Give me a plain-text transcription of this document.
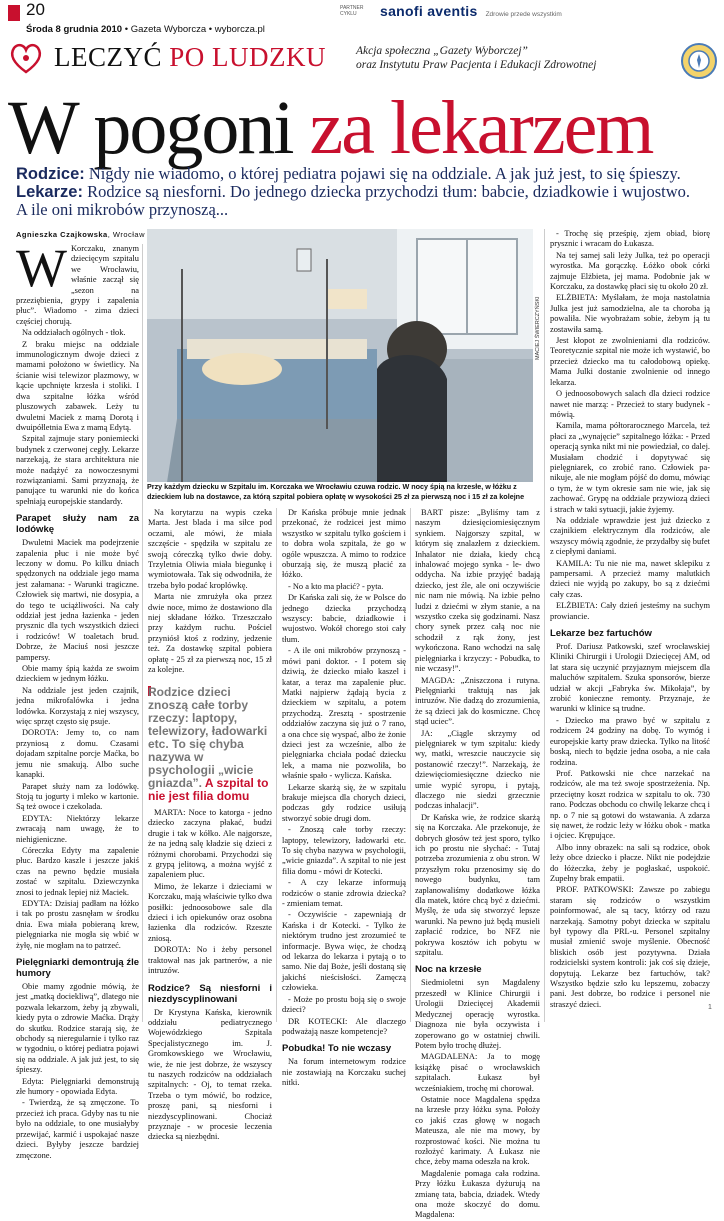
20
Środa 8 grudnia 2010 • Gazeta Wyborcza • wyborcza.pl
PARTNER CYKLU	sanofi aventis Zdrowie przede wszystkim
LECZYĆ PO LUDZKU	Akcja społeczna „Gazety Wyborczej”
oraz Instytutu Praw Pacjenta i Edukacji Zdrowotnej
W pogoni za lekarzem
Rodzice: Nigdy nie wiadomo, o której pediatra pojawi się na oddziale. A jak już jest, to się śpieszy.
Lekarze: Rodzice są niesforni. Do jednego dziecka przychodzi tłum: babcie, dziadkowie i wujostwo.
A ile oni mikrobów przynoszą...
Agnieszka Czajkowska, Wrocław
W Korczaku, znanym dziecięcym szpitalu we Wrocławiu, właśnie zaczął się „sezon na przeziębienia, grypy i zapalenia płuc”. Wiadomo - zima dzieci częściej chorują.

Na oddziałach ogólnych - tłok.

Z braku miejsc na oddziale immunologicznym dwoje dzieci z mamami położono w świetlicy. Na ścianie wisi telewizor plazmowy, w kącie upchnięte krzesła i stoliki. I dwa szpitalne łóżka wśród pluszowych zabawek. Leży tu dwuletni Maciek z mamą Dorotą i dwuipółletnia Ewa z mamą Edytą.

Szpital zajmuje stary poniemiecki budynek z czerwonej cegły. Lekarze narzekają, że stara architektura nie może nadążyć za nowoczesnymi rozwiązaniami. Sami przyznają, że panujące tu warunki nie do końca spełniają europejskie standardy.

Parapet służy nam za lodówkę

Dwuletni Maciek ma podejrzenie zapalenia płuc i nie może być leczony w domu. Po kilku dniach spędzonych na oddziale jego mama jest załamana: - Warunki tragiczne. Człowiek się martwi, nie dosypia, a do tego te uciążliwości. Na cały oddział jest jedna łazienka - jeden prysznic dla tych wszystkich dzieci i rodziców! W toaletach brud. Dobrze, że Maciuś nosi jeszcze pampersy.

Obie mamy śpią każda ze swoim dzieckiem w jednym łóżku.

Na oddziale jest jeden czajnik, jedna mikrofalówka i jedna lodówka. Korzystają z niej wszyscy, więc sprzęt często się psuje.

DOROTA: Jemy to, co nam przyniosą z domu. Czasami dojadam szpitalne porcje Maćka, bo jemu nie smakują. Albo suche kanapki.

Parapet służy nam za lodówkę. Stoją tu jogurty i mleko w kartonie. Są też owoce i czekolada.

EDYTA: Niektórzy lekarze zwracają nam uwagę, że to niehigieniczne.

Córeczka Edyty ma zapalenie płuc. Bardzo kaszle i jeszcze jakiś czas na pewno będzie musiała zostać w szpitalu. Dziewczynka znosi to jednak lepiej niż Maciek.

EDYTA: Dzisiaj padłam na łóżko i tak po prostu zasnęłam w środku dnia. Ewa miała pobieraną krew, pielęgniarka nie mogła się wbić w żyłę, nie mogłam na to patrzeć.

Pielęgniarki demontrują źle humory

Obie mamy zgodnie mówią, że jest „matką dociekliwą”, dlatego nie pozwala lekarzom, żeby ją zbywali, kiedy pyta o zdrowie Maćka. Drąży do skutku. Rodzice starają się, że obchody są nieregularnie i tylko raz w tygodniu, o której pediatra pojawi się na oddziale. A jak już jest, to się śpieszy.

Edyta: Pielęgniarki demonstrują złe humory - opowiada Edyta.

- Twierdzą, że są zmęczone. To przecież ich praca. Gdyby nas tu nie było na oddziale, to one musiałyby przewijać, karmić i uspokajać nasze dzieci. Byłyby jeszcze bardziej zmęczone.

MACIEJ ŚWIERCZYŃSKI
Przy każdym dziecku w Szpitalu im. Korczaka we Wrocławiu czuwa rodzic. W nocy śpią na krzesłe, w łóżku z dzieckiem lub na dostawce, za którą szpital pobiera opłatę w wysokości 25 zł za pierwszą noc i 15 zł za kolejne

Na korytarzu na wypis czeka Marta. Jest blada i ma siłce pod oczami, ale mówi, że miała szczęście - spędziła w szpitalu ze swoją córeczką tylko dwie doby. Trzyletnia Oliwia miała biegunkę i wymiotowała. Tak się odwodniła, że trzeba było podać kroplówkę.

Marta nie zmrużyła oka przez dwie noce, mimo że dostawiono dla niej składane łóżko. Trzeszczało przy każdym ruchu. Pościel przyniósł ktoś z rodziny, jedzenie też. Za dostawkę szpital pobiera opłatę - 25 zł za pierwszą noc, 15 zł za kolejne.

Rodzice dzieci znoszą całe torby rzeczy: laptopy, telewizory, ładowarki etc. To się chyba nazywa w psychologii „wicie gniazda”. A szpital to nie jest filia domu

MARTA: Noce to katorga - jedno dziecko zaczyna płakać, budzi drugie i tak w kółko. Ale najgorsze, że na jedną salę kładzie się dzieci z różnymi chorobami. Przychodzi się z grypą jelitową, a można wyjść z zapaleniem płuc.

Mimo, że lekarze i dzieciami w Korczaku, mają właściwie tylko dwa posiłki: jednoosobowe sale dla dzieci i ich opiekunów oraz osobna łazienka dla rodziców. Rzeszte zniosą.

DOROTA: No i żeby personel traktował nas jak partnerów, a nie intruzów.

Rodzice? Są niesforni i niezdyscyplinowani

Dr Krystyna Kańska, kierownik oddziału pediatrycznego Wojewódzkiego Szpitala Specjalistycznego im. J. Gromkowskiego we Wrocławiu, wie, że nie jest dobrze, że wszyscy tu naszych rodziców na oddziałach szpitalnych: - Oj, to temat rzeka. Trzeba o tym mówić, bo rodzice, proszę pani, są niesforni i niezdyscyplinowani. Chociaż przyznaje - w procesie leczenia dziecka są niezbędni.

Dr Kańska próbuje mnie jednak przekonać, że rodzicei jest mimo wszystko w szpitalu tylko gościem i to dobra wola szpitala, że go w ogóle wpuszcza. A mimo to rodzice oburzają się, że muszą płacić za łóżko.

- No a kto ma płacić? - pyta.

Dr Kańska zali się, że w Polsce do jednego dziecka przychodzą wszyscy: babcie, dziadkowie i wujostwo. Wokół chorego stoi cały tłum.

- A ile oni mikrobów przynoszą - mówi pani doktor. - I potem się dziwią, że dziecko miało kaszel i katar, a teraz ma zapalenie płuc. Matki najpierw żądają bycia z dzieckiem w szpitalu, a potem przychodzą. Zresztą - spostrzenie oddziałów zaczyna się już o 7 rano, a ona chce się wyspać, albo że żonie dzieci jest za wcześnie, albo że pielęgniarka chciała podać dziecku lek, a mama nie pozwoliła, bo właśnie spało - wylicza. Kańska.

Lekarze skarżą się, że w szpitalu brakuje miejsca dla chorych dzieci, podczas gdy rodzice usiłują stworzyć sobie drugi dom.

- Znoszą całe torby rzeczy: laptopy, telewizory, ładowarki etc. To się chyba nazywa w psychologii, „wicie gniazda”. A szpital to nie jest filia domu - mówi dr Kotecki.

- A czy lekarze informują rodziców o stanie zdrowia dziecka? - zmieniam temat.

- Oczywiście - zapewniają dr Kańska i dr Kotecki. - Tylko że niektórym trudno jest zrozumieć te informacje. Bywa więc, że chodzą od lekarza do lekarza i pytają o to samo. Nie daj Boże, jeśli dostaną się jakichś nieścisłości. Zamęczą człowieka.

- Może po prostu boją się o swoje dzieci?

DR KOTECKI: Ale dlaczego podważają nasze kompetencje?

Pobudka! To nie wczasy

Na forum internetowym rodzice nie zostawiają na Korczaku suchej nitki.

BART pisze: „Byliśmy tam z naszym dziesięciomiesięcznym synkiem. Najgorszy szpital, w którym się znalazłem z dzieckiem. Inhalator nie działa, kiedy chcą inhalować mojego synka - le- dwo oddycha. Na izbie przyjęć badają dziecko, jest źle, ale oni oczywiście nic nam nie mówią. Na izbie pełno ludzi z dziećmi w złym stanie, a na wszystko czeka się godzinami. Nasz chory synek przez całą noc nie schodził z rąk żony, jest wykończona. Rano wchodzi na salę pielęgniarka i krzyczy: - Pobudka, to nie wczasy!”.

MAGDA: „Zniszczona i rutyna. Pielęgniarki traktują nas jak intruzów. Nie dadzą do zrozumienia, że są dzieci jak do kosmiczne. Chcę stąd uciec”.

JA: „Ciągle skrzymy od pielęgniarek w tym szpitalu: kiedy wy, matki, wreszcie nauczycie się postanowić rzeczy!”. Narzekają, że dziewięciomiesięczne dziecko nie umie wypić syropu, i pytają, dlaczego nie siedzi grzecznie podczas inhalacji”.

Dr Kańska wie, że rodzice skarżą się na Korczaka. Ale przekonuje, że dobrych głosów też jest sporo, tylko ich po prostu nie słychać: - Tutaj potrzeba zrozumienia z obu stron. W przyszłym roku przenosimy się do nowego budynku, tam zaplanowaliśmy dodatkowe łóżka dla matek, które chcą być z dziećmi. Myślę, że uda się stworzyć lepsze warunki. Na pewno już będą musieli zapłacić rodzice, bo NFZ nie pokrywa kosztów ich pobytu w szpitalu.

Noc na krzesłe

Siedmioletni syn Magdaleny przeszedł w Klinice Chirurgii i Urologii Dziecięcej Akademii Medycznej operację wyrostka. Diagnoza nie była oczywista i zoperowano go w ostatniej chwili. Potem było trochę dłużej.

MAGDALENA: Ja to mogę książkę pisać o wrocławskich szpitalach. Łukasz był wcześniakiem, trochę mi chorował.

Ostatnie noce Magdalena spędza na krzesłe przy łóżku syna. Położy co jakiś czas głowę w nogach Mateusza, ale nie ma mowy, by rozprostować kości. Nie można tu rozłożyć karimaty. A Łukasz nie chce, żeby mama odeszła na krok.

Magdalenie pomaga cała rodzina. Przy łóżku Łukasza dyżurują na zmianę tata, babcia, dziadek. Wtedy ona może skoczyć do domu. Magdalena:

- Trochę się prześpię, zjem obiad, biorę prysznic i wracam do Łukasza.

Na tej samej sali leży Julka, też po operacji wyrostka. Ma gorączkę. Łóżko obok córki zajmuje Elżbieta, jej mama. Podobnie jak w Korczaku, za dostawkę płaci się tu około 20 zł.

ELŻBIETA: Myślałam, że moja nastolatnia Julka jest już samodzielna, ale ta choroba ją powaliła. Nie wyobrażam sobie, żebym ją tu zostawiła samą.

Jest kłopot ze zwolnieniami dla rodziców. Teoretycznie szpital nie może ich wystawić, bo przecież dziecko ma tu całodobową opiekę. Mama Julki dostanie zwolnienie od innego lekarza.

O jednoosobowych salach dla dzieci rodzice nawet nie marzą: - Przecież to stary budynek - mówią.

Kamila, mama półtorarocznego Marcela, też płaci za „wynajęcie” szpitalnego łóżka: - Przed operacją synka nikt mi nie powiedział, co dalej. Musiałam chodzić i dopytywać się pielęgniarek, co zrobić rano. Człowiek pa- nikuje, ale nie mogłam pójść do domu, mówiąc o tym, że w tym okresie sam nie wie, jak się zachować. Grypę na oddziale przywiozą dzieci i strach w taki sytuacji, jakie żyjemy.

Na oddziale wprawdzie jest już dziecko z czajnikiem elektrycznym dla rodziców, ale wszyscy mówią zgodnie, że przydałby się bufet z ciepłymi daniami.

KAMILA: Tu nie nie ma, nawet sklepiku z pampersami. A przecież mamy malutkich dzieci nie wyjdą po zakupy, bo są z dziećmi cały czas.

ELŻBIETA: Cały dzień jesteśmy na suchym prowiancie.

Lekarze bez fartuchów

Prof. Dariusz Patkowski, szef wrocławskiej Kliniki Chirurgii i Urologii Dziecięcej AM, od lat stara się uczynić przyjaznym miejscem dla maluchów szpitalem. Szuka sponsorów, bierze udział w akcji „Fabryka św. Mikołaja”, by zrobić konieczne remonty. Przyznaje, że warunki w klinice są trudne.

- Dziecko ma prawo być w szpitalu z rodzicem 24 godziny na dobę. To wymóg i europejskie karty praw dziecka. Tylko na litość boską, niech to będzie jedna osoba, a nie cała rodzina.

Prof. Patkowski nie chce narzekać na rodziców, ale ma też swoje spostrzeżenia. Np. przeciętny koszt rodzica w szpitalu to ok. 730 rano. Podczas obchodu co chwilę lekarze chcą i np. o 7 nie są gotowi do wstawania. A zdarza się nawet, że rodzic leży w łóżku obok - matka i ojciec. Krępujące.

Albo inny obrazek: na sali są rodzice, obok leży obce dziecko i płacze. Nikt nie podejdzie do łóżeczka, żeby je pogłaskać, uspokoić. Zupełny brak empatii.

PROF. PATKOWSKI: Zawsze po zabiegu staram się rodziców o wszystkim poinformować, ale są tacy, którzy od razu narzekają. Samotny pobyt dziecka w szpitalu był typowy dla PRL-u. Personel szpitalny musiał zmienić swoje myślenie. Obecność bliskich osób jest pozytywna. Działa rodzicielski system kontroli: jak coś się dzieje, dopytują. Lekarze bez fartuchów, tak? Wszystko będzie szło ku lepszemu, zobaczy pani. Jest dobrze, bo rodzice i personel nie straszyć dzieci.	1
